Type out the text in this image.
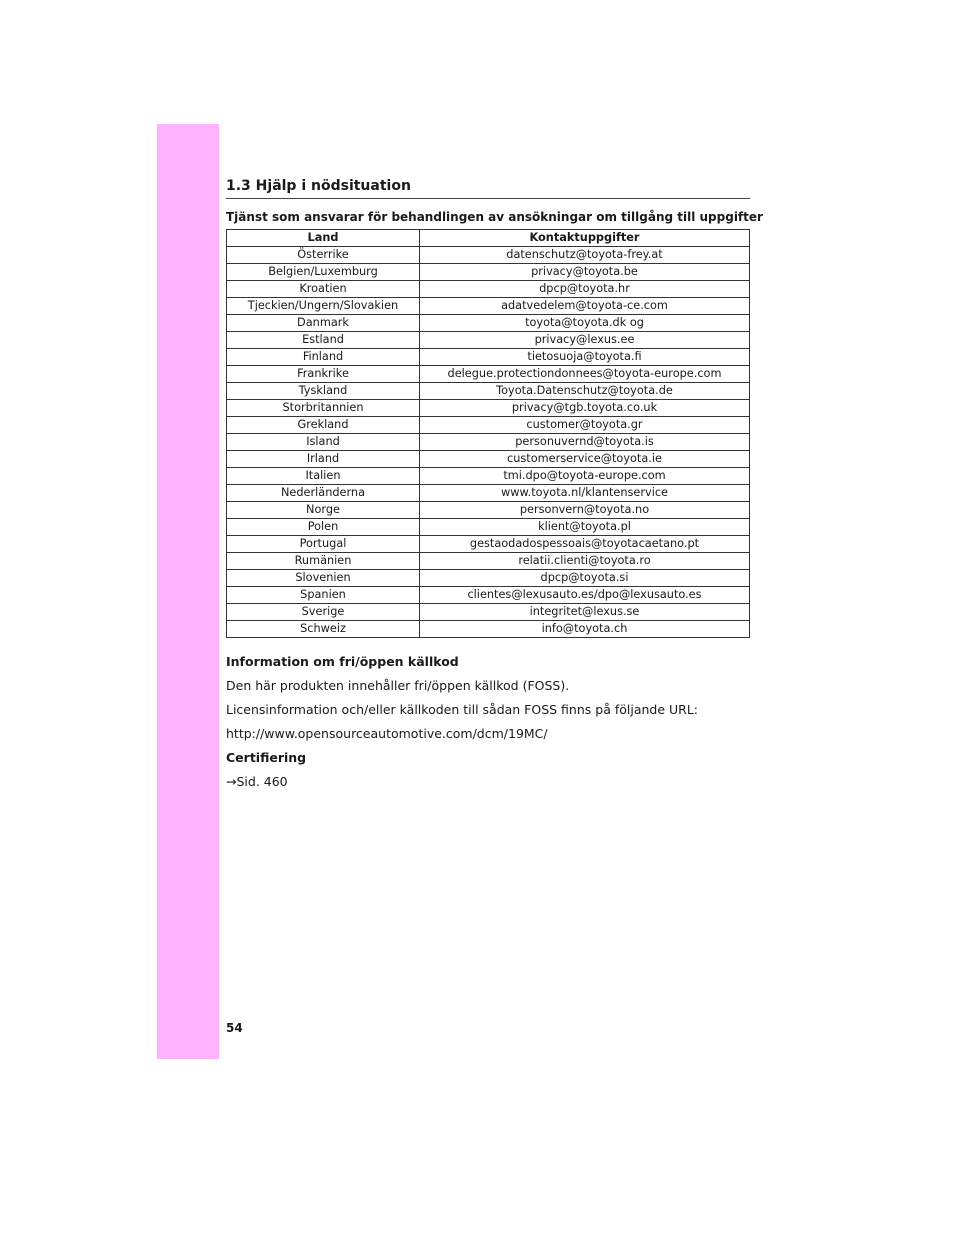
1.3 Hjälp i nödsituation
Tjänst som ansvarar för behandlingen av ansökningar om tillgång till uppgifter
Land	Kontaktuppgifter
Österrike	datenschutz@toyota-frey.at
Belgien/Luxemburg	privacy@toyota.be
Kroatien	dpcp@toyota.hr
Tjeckien/Ungern/Slovakien	adatvedelem@toyota-ce.com
Danmark	toyota@toyota.dk og
Estland	privacy@lexus.ee
Finland	tietosuoja@toyota.fi
Frankrike	delegue.protectiondonnees@toyota-europe.com
Tyskland	Toyota.Datenschutz@toyota.de
Storbritannien	privacy@tgb.toyota.co.uk
Grekland	customer@toyota.gr
Island	personuvernd@toyota.is
Irland	customerservice@toyota.ie
Italien	tmi.dpo@toyota-europe.com
Nederländerna	www.toyota.nl/klantenservice
Norge	personvern@toyota.no
Polen	klient@toyota.pl
Portugal	gestaodadospessoais@toyotacaetano.pt
Rumänien	relatii.clienti@toyota.ro
Slovenien	dpcp@toyota.si
Spanien	clientes@lexusauto.es/dpo@lexusauto.es
Sverige	integritet@lexus.se
Schweiz	info@toyota.ch
Information om fri/öppen källkod
Den här produkten innehåller fri/öppen källkod (FOSS).
Licensinformation och/eller källkoden till sådan FOSS finns på följande URL:
http://www.opensourceautomotive.com/dcm/19MC/
Certifiering
→Sid. 460
54
